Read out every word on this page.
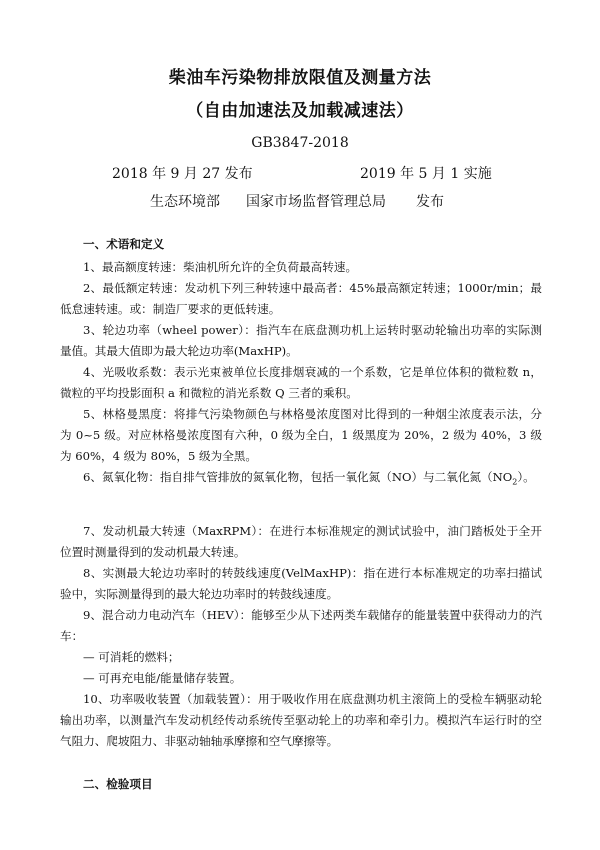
柴油车污染物排放限值及测量方法
（自由加速法及加载减速法）
GB3847-2018
2018 年 9 月 27 发布	2019 年 5 月 1 实施
生态环境部 国家市场监督管理总局 发布
一、术语和定义

1、最高额度转速：柴油机所允许的全负荷最高转速。

2、最低额定转速：发动机下列三种转速中最高者：45%最高额定转速；1000r/min；最低怠速转速。或：制造厂要求的更低转速。

3、轮边功率（wheel power）：指汽车在底盘测功机上运转时驱动轮输出功率的实际测量值。其最大值即为最大轮边功率(MaxHP)。

4、光吸收系数：表示光束被单位长度排烟衰减的一个系数，它是单位体积的微粒数 n，微粒的平均投影面积 a 和微粒的消光系数 Q 三者的乘积。

5、林格曼黑度：将排气污染物颜色与林格曼浓度图对比得到的一种烟尘浓度表示法，分为 0~5 级。对应林格曼浓度图有六种，0 级为全白，1 级黑度为 20%，2 级为 40%，3 级为 60%，4 级为 80%，5 级为全黑。

6、氮氧化物：指自排气管排放的氮氧化物，包括一氧化氮（NO）与二氧化氮$(NO_2)$。

7、发动机最大转速（MaxRPM）：在进行本标准规定的测试试验中，油门踏板处于全开位置时测量得到的发动机最大转速。

8、实测最大轮边功率时的转鼓线速度(VelMaxHP)：指在进行本标准规定的功率扫描试验中，实际测量得到的最大轮边功率时的转鼓线速度。

9、混合动力电动汽车（HEV）：能够至少从下述两类车载储存的能量装置中获得动力的汽车：

— 可消耗的燃料；

— 可再充电能/能量储存装置。

10、功率吸收装置（加载装置）：用于吸收作用在底盘测功机主滚筒上的受检车辆驱动轮输出功率，以测量汽车发动机经传动系统传至驱动轮上的功率和牵引力。模拟汽车运行时的空气阻力、爬坡阻力、非驱动轴轴承摩擦和空气摩擦等。

二、检验项目
